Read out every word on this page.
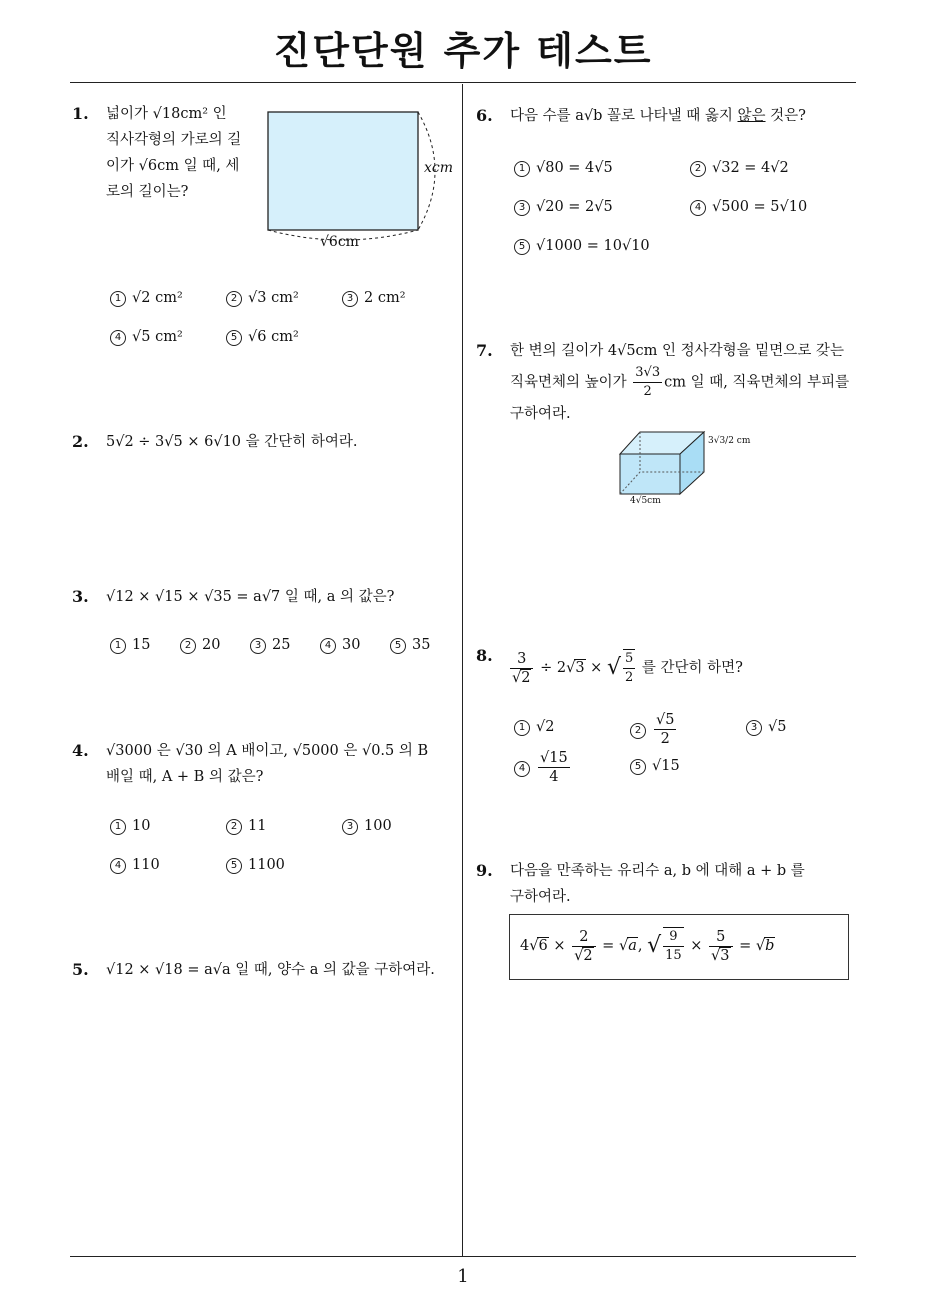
진단단원 추가 테스트
1
1. 넓이가 √18cm² 인
직사각형의 가로의 길
이가 √6cm 일 때, 세
로의 길이는?
xcm
√6cm
1 √2 cm²	2 √3 cm²	3 2 cm²
4 √5 cm²	5 √6 cm²
2. 5√2 ÷ 3√5 × 6√10 을 간단히 하여라.
3. √12 × √15 × √35 = a√7 일 때, a 의 값은?
1 15	2 20	3 25	4 30	5 35
4. √3000 은 √30 의 A 배이고, √5000 은 √0.5 의 B
배일 때, A + B 의 값은?
1 10	2 11	3 100
4 110	5 1100
5. √12 × √18 = a√a 일 때, 양수 a 의 값을 구하여라.
6. 다음 수를 a√b 꼴로 나타낼 때 옳지 않은 것은?
1 √80 = 4√5	2 √32 = 4√2
3 √20 = 2√5	4 √500 = 5√10
5 √1000 = 10√10
7. 한 변의 길이가 4√5cm 인 정사각형을 밑면으로 갖는
직육면체의 높이가 $\frac{3√3}{2}$ cm 일 때, 직육면체의 부피를
구하여라.
3√3/2 cm
4√5cm
8. 3
√ 2 ÷ 2 √ 3 × √ $\frac{5}{2}$ 를 간단히 하면?
1 √2	$2 \frac{√5}{2}$	3 √5
$4 \frac{√15}{4}$	5 √15
9. 다음을 만족하는 유리수 a, b 에 대해 a + b 를
구하여라.
4 √ 6 × 2
√ 2 = √ a, √ $\frac{9}{15} \times 5$
√ 3 = √ b
